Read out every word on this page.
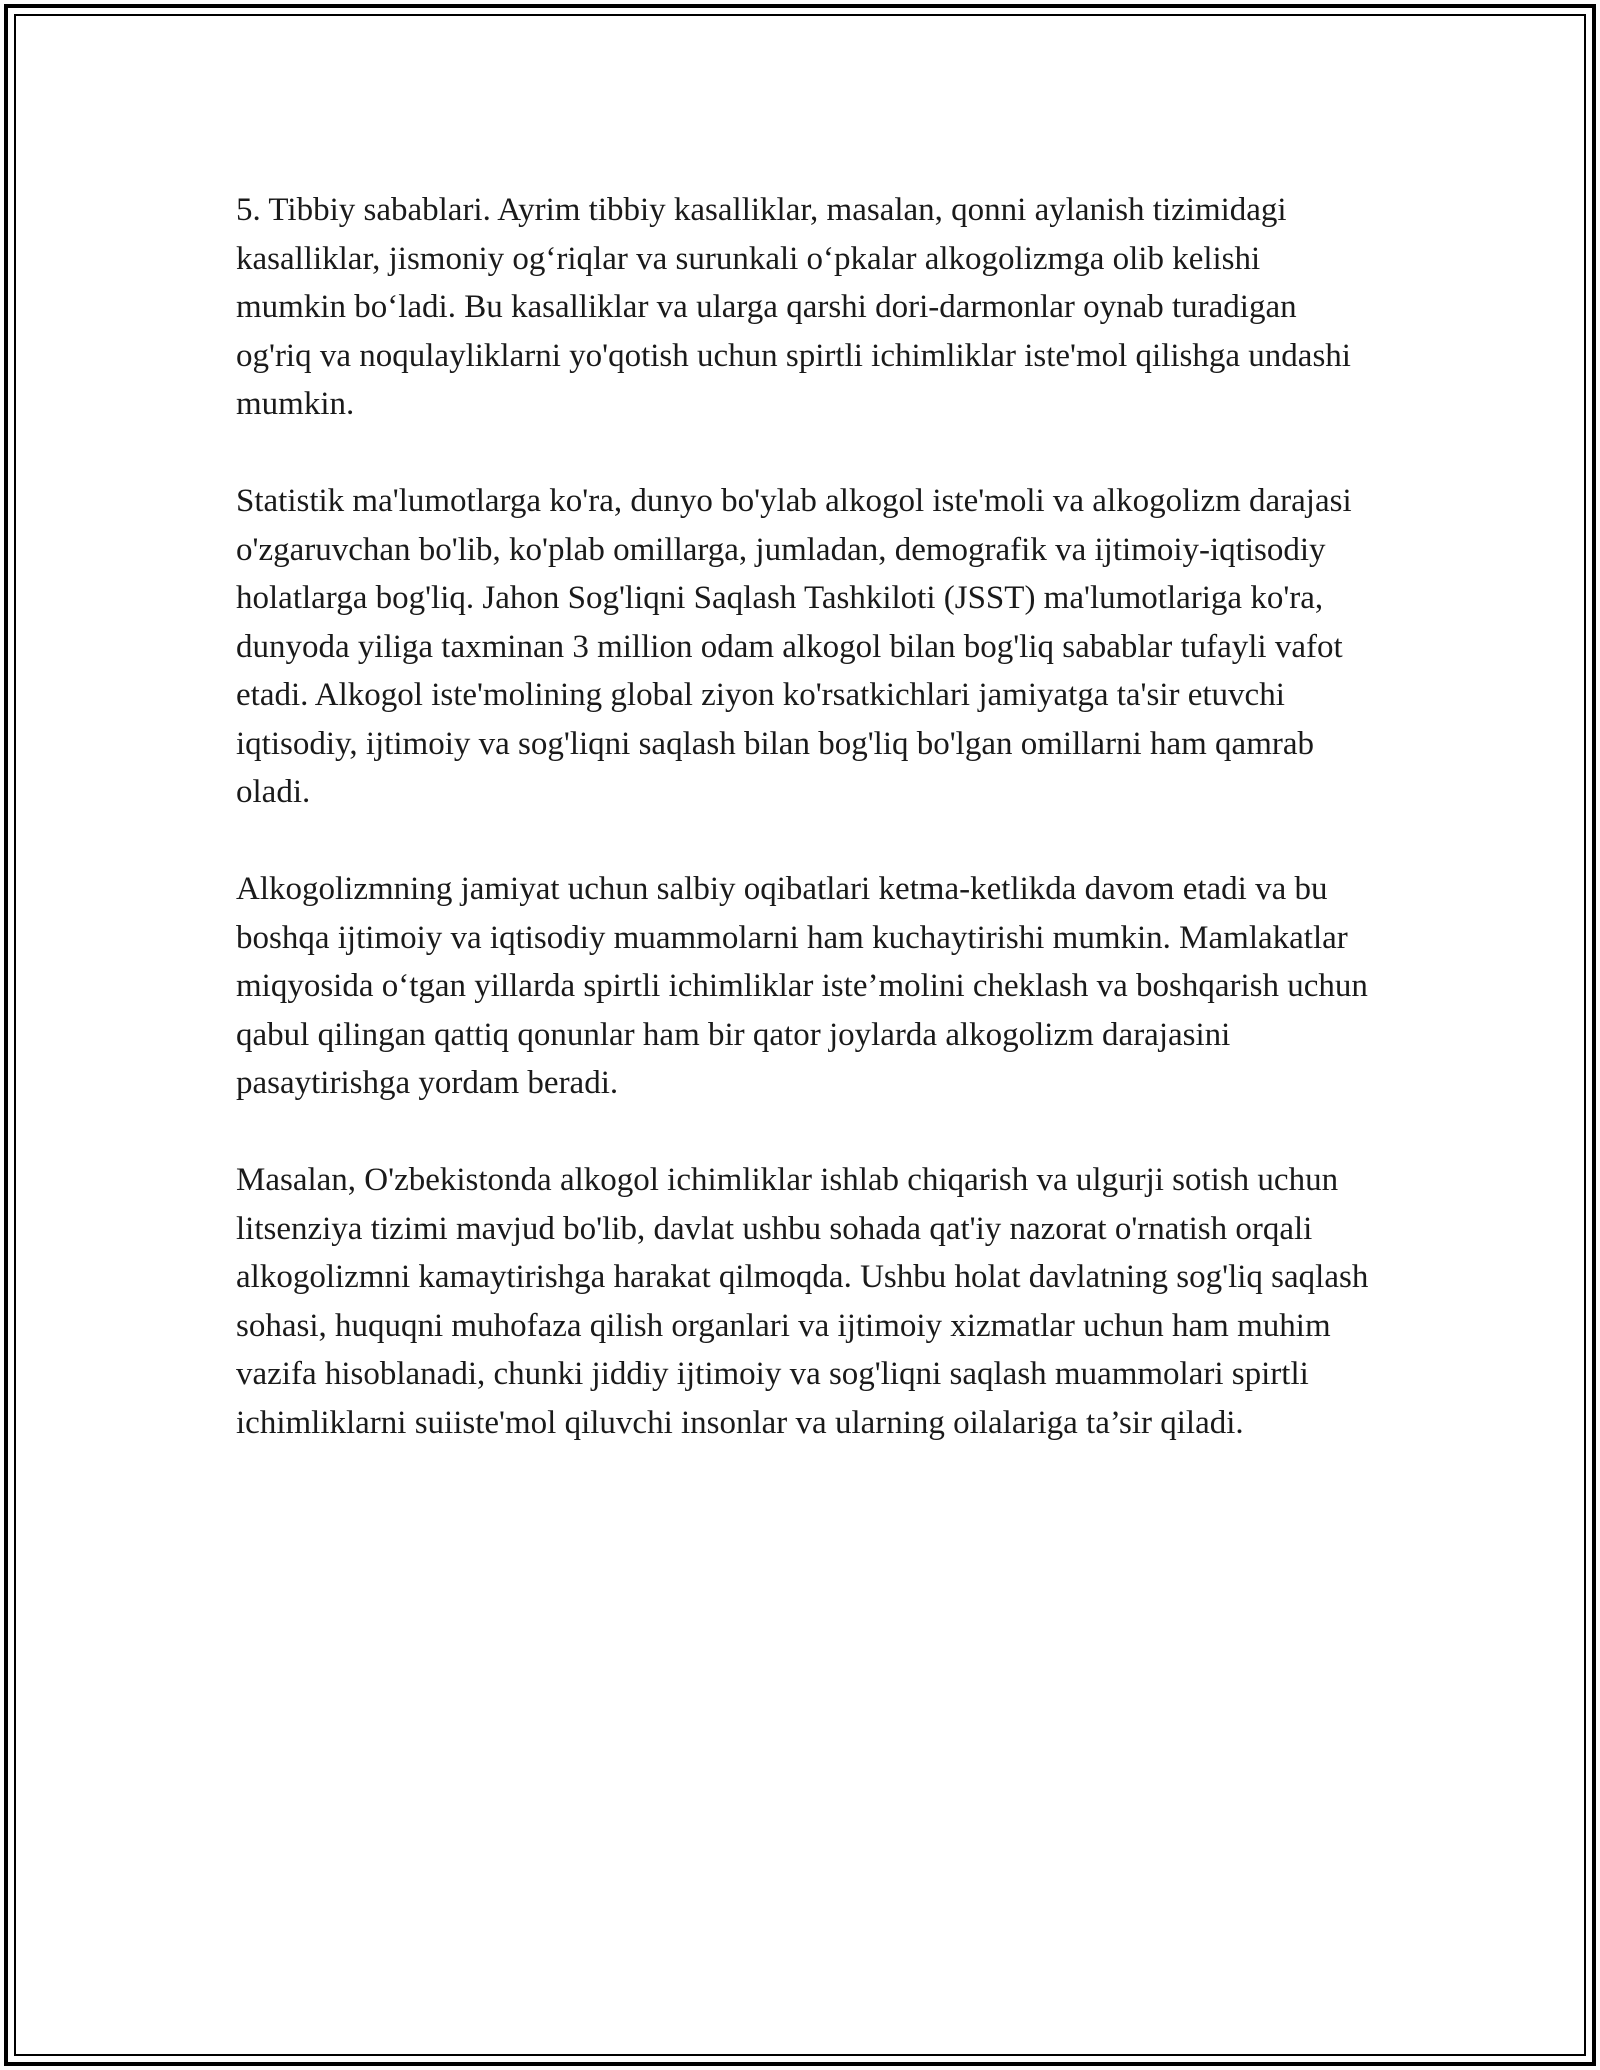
5. Tibbiy sabablari. Ayrim tibbiy kasalliklar, masalan, qonni aylanish tizimidagi kasalliklar, jismoniy og‘riqlar va surunkali o‘pkalar alkogolizmga olib kelishi mumkin bo‘ladi. Bu kasalliklar va ularga qarshi dori-darmonlar oynab turadigan og'riq va noqulayliklarni yo'qotish uchun spirtli ichimliklar iste'mol qilishga undashi mumkin.

Statistik ma'lumotlarga ko'ra, dunyo bo'ylab alkogol iste'moli va alkogolizm darajasi o'zgaruvchan bo'lib, ko'plab omillarga, jumladan, demografik va ijtimoiy-iqtisodiy holatlarga bog'liq. Jahon Sog'liqni Saqlash Tashkiloti (JSST) ma'lumotlariga ko'ra, dunyoda yiliga taxminan 3 million odam alkogol bilan bog'liq sabablar tufayli vafot etadi. Alkogol iste'molining global ziyon ko'rsatkichlari jamiyatga ta'sir etuvchi iqtisodiy, ijtimoiy va sog'liqni saqlash bilan bog'liq bo'lgan omillarni ham qamrab oladi.

Alkogolizmning jamiyat uchun salbiy oqibatlari ketma-ketlikda davom etadi va bu boshqa ijtimoiy va iqtisodiy muammolarni ham kuchaytirishi mumkin. Mamlakatlar miqyosida o‘tgan yillarda spirtli ichimliklar iste’molini cheklash va boshqarish uchun qabul qilingan qattiq qonunlar ham bir qator joylarda alkogolizm darajasini pasaytirishga yordam beradi.

Masalan, O'zbekistonda alkogol ichimliklar ishlab chiqarish va ulgurji sotish uchun litsenziya tizimi mavjud bo'lib, davlat ushbu sohada qat'iy nazorat o'rnatish orqali alkogolizmni kamaytirishga harakat qilmoqda. Ushbu holat davlatning sog'liq saqlash sohasi, huquqni muhofaza qilish organlari va ijtimoiy xizmatlar uchun ham muhim vazifa hisoblanadi, chunki jiddiy ijtimoiy va sog'liqni saqlash muammolari spirtli ichimliklarni suiiste'mol qiluvchi insonlar va ularning oilalariga ta’sir qiladi.
